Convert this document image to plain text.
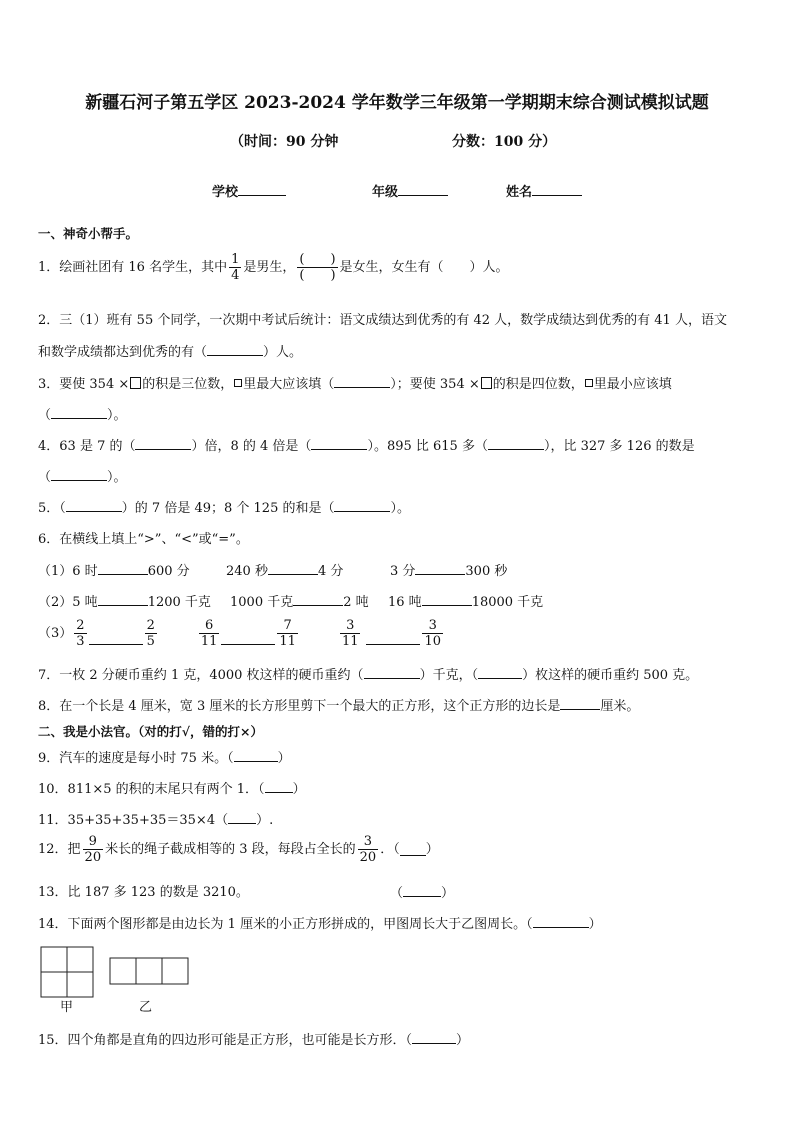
新疆石河子第五学区 2023-2024 学年数学三年级第一学期期末综合测试模拟试题
（时间：90 分钟	分数：100 分）
学校	年级	姓名
一、神奇小帮手。
1．绘画社团有 16 名学生，其中 $\frac{1}{4}$ 是男生， $\frac{( )}{( )}$ 是女生，女生有（　　）人。
2．三（1）班有 55 个同学，一次期中考试后统计：语文成绩达到优秀的有 42 人，数学成绩达到优秀的有 41 人，语文
和数学成绩都达到优秀的有（	）人。
3．要使 354 × 的积是三位数， 里最大应该填（	）；要使 354 × 的积是四位数， 里最小应该填
（	）。
4．63 是 7 的（	）倍，8 的 4 倍是（	）。895 比 615 多（	），比 327 多 126 的数是
（	）。
5．（	）的 7 倍是 49；8 个 125 的和是（	）。
6．在横线上填上“>”、“<”或“=”。
（1）6 时	600 分	240 秒	4 分	3 分	300 秒
（2）5 吨	1200 千克 1000 千克	2 吨 16 吨	18000 千克
$(3) \frac{2}{3}$	$\frac{2}{5}$	$\frac{6}{11}$	$\frac{7}{11}$	$\frac{3}{11}$	$\frac{3}{10}$
7．一枚 2 分硬币重约 1 克，4000 枚这样的硬币重约（	）千克，（	）枚这样的硬币重约 500 克。
8．在一个长是 4 厘米，宽 3 厘米的长方形里剪下一个最大的正方形，这个正方形的边长是	厘米。
二、我是小法官。（对的打√，错的打×）
9．汽车的速度是每小时 75 米。（	）
10．811×5 的积的末尾只有两个 1．（ ）
11．35+35+35+35＝35×4（ ）.
12．把 $\frac{9}{20}$ 米长的绳子截成相等的 3 段，每段占全长的 $\frac{3}{20}$ ．（ ）
13．比 187 多 123 的数是 3210。	（	）
14．下面两个图形都是由边长为 1 厘米的小正方形拼成的，甲图周长大于乙图周长。（	）
甲	乙
15．四个角都是直角的四边形可能是正方形，也可能是长方形．（	）
